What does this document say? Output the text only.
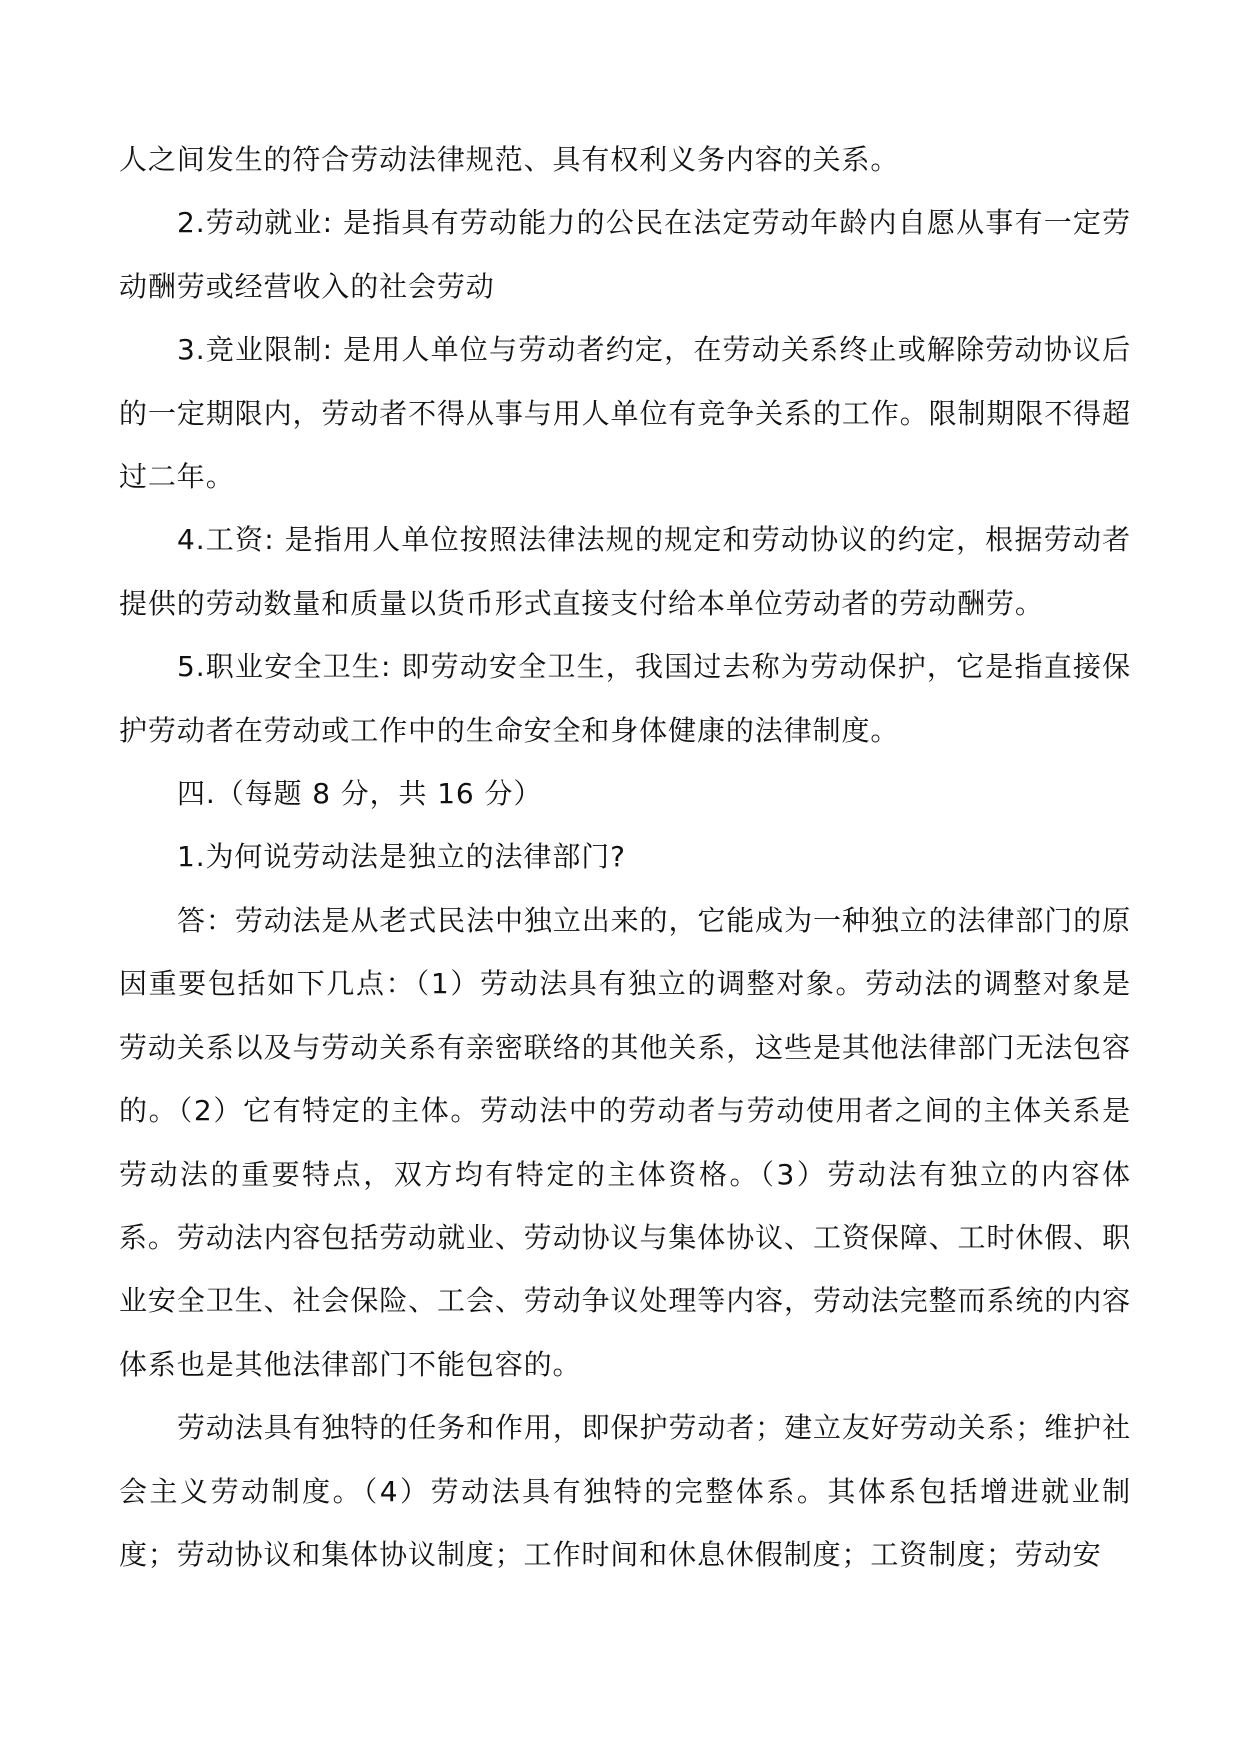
人之间发生的符合劳动法律规范、具有权利义务内容的关系。

2.劳动就业: 是指具有劳动能力的公民在法定劳动年龄内自愿从事有一定劳动酬劳或经营收入的社会劳动

3.竞业限制: 是用人单位与劳动者约定，在劳动关系终止或解除劳动协议后的一定期限内，劳动者不得从事与用人单位有竞争关系的工作。限制期限不得超过二年。

4.工资: 是指用人单位按照法律法规的规定和劳动协议的约定，根据劳动者提供的劳动数量和质量以货币形式直接支付给本单位劳动者的劳动酬劳。

5.职业安全卫生: 即劳动安全卫生，我国过去称为劳动保护，它是指直接保护劳动者在劳动或工作中的生命安全和身体健康的法律制度。

四.（每题 8 分，共 16 分）

1.为何说劳动法是独立的法律部门?

答：劳动法是从老式民法中独立出来的，它能成为一种独立的法律部门的原因重要包括如下几点：（1）劳动法具有独立的调整对象。劳动法的调整对象是劳动关系以及与劳动关系有亲密联络的其他关系，这些是其他法律部门无法包容的。（2）它有特定的主体。劳动法中的劳动者与劳动使用者之间的主体关系是劳动法的重要特点，双方均有特定的主体资格。（3）劳动法有独立的内容体系。劳动法内容包括劳动就业、劳动协议与集体协议、工资保障、工时休假、职业安全卫生、社会保险、工会、劳动争议处理等内容，劳动法完整而系统的内容体系也是其他法律部门不能包容的。

劳动法具有独特的任务和作用，即保护劳动者；建立友好劳动关系；维护社会主义劳动制度。（4）劳动法具有独特的完整体系。其体系包括增进就业制度；劳动协议和集体协议制度；工作时间和休息休假制度；工资制度；劳动安
